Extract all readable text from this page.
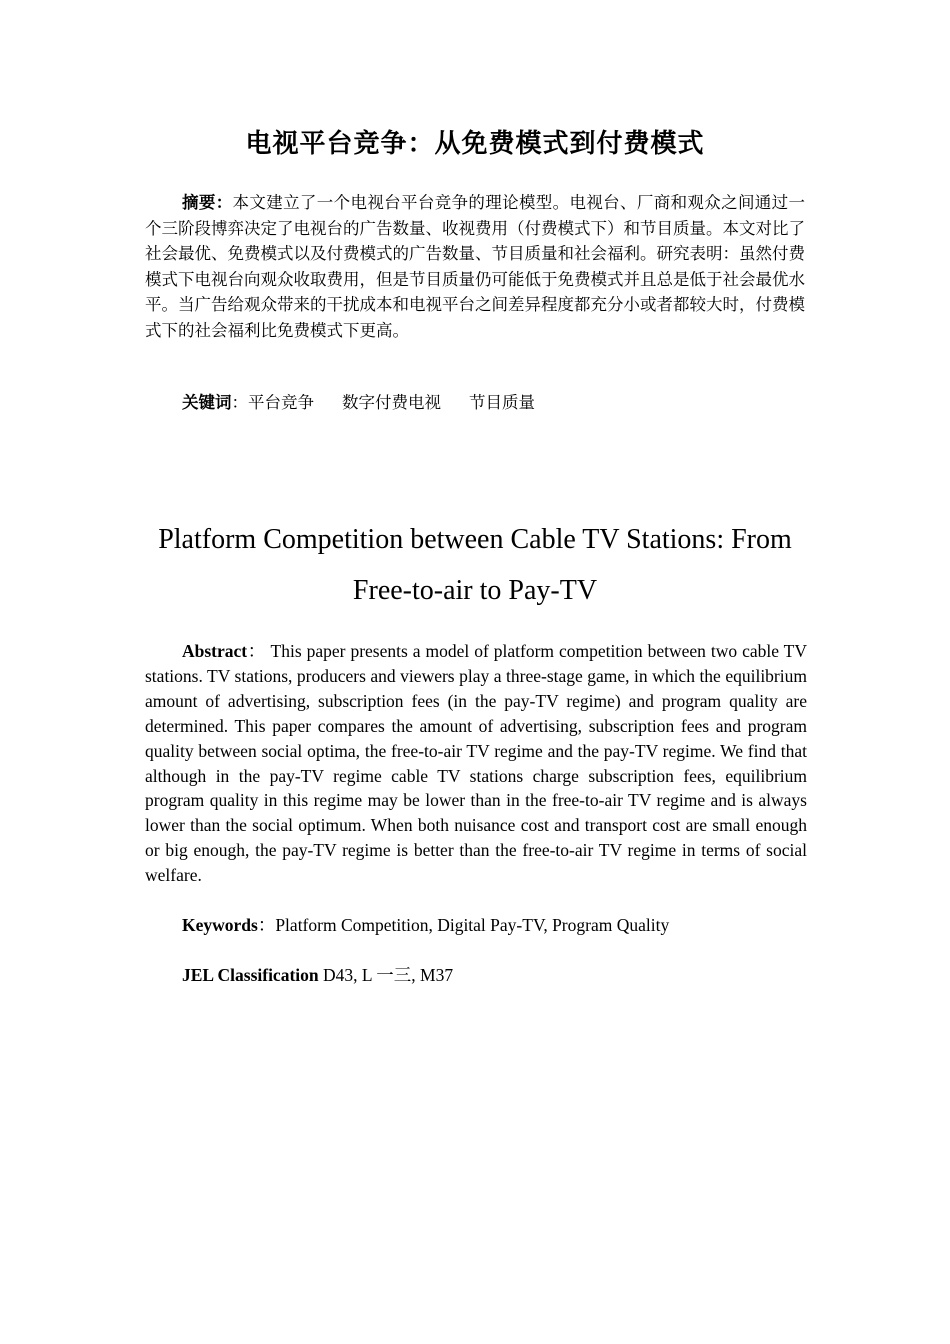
电视平台竞争：从免费模式到付费模式
摘要：本文建立了一个电视台平台竞争的理论模型。电视台、厂商和观众之间通过一个三阶段博弈决定了电视台的广告数量、收视费用（付费模式下）和节目质量。本文对比了社会最优、免费模式以及付费模式的广告数量、节目质量和社会福利。研究表明：虽然付费模式下电视台向观众收取费用，但是节目质量仍可能低于免费模式并且总是低于社会最优水平。当广告给观众带来的干扰成本和电视平台之间差异程度都充分小或者都较大时，付费模式下的社会福利比免费模式下更高。
关键词：平台竞争 数字付费电视 节目质量
Platform Competition between Cable TV Stations: From
Free-to-air to Pay-TV
Abstract： This paper presents a model of platform competition between two cable TV stations. TV stations, producers and viewers play a three-stage game, in which the equilibrium amount of advertising, subscription fees (in the pay-TV regime) and program quality are determined. This paper compares the amount of advertising, subscription fees and program quality between social optima, the free-to-air TV regime and the pay-TV regime. We find that although in the pay-TV regime cable TV stations charge subscription fees, equilibrium program quality in this regime may be lower than in the free-to-air TV regime and is always lower than the social optimum. When both nuisance cost and transport cost are small enough or big enough, the pay-TV regime is better than the free-to-air TV regime in terms of social welfare.
Keywords：Platform Competition, Digital Pay-TV, Program Quality
JEL Classification D43, L 一三, M37
